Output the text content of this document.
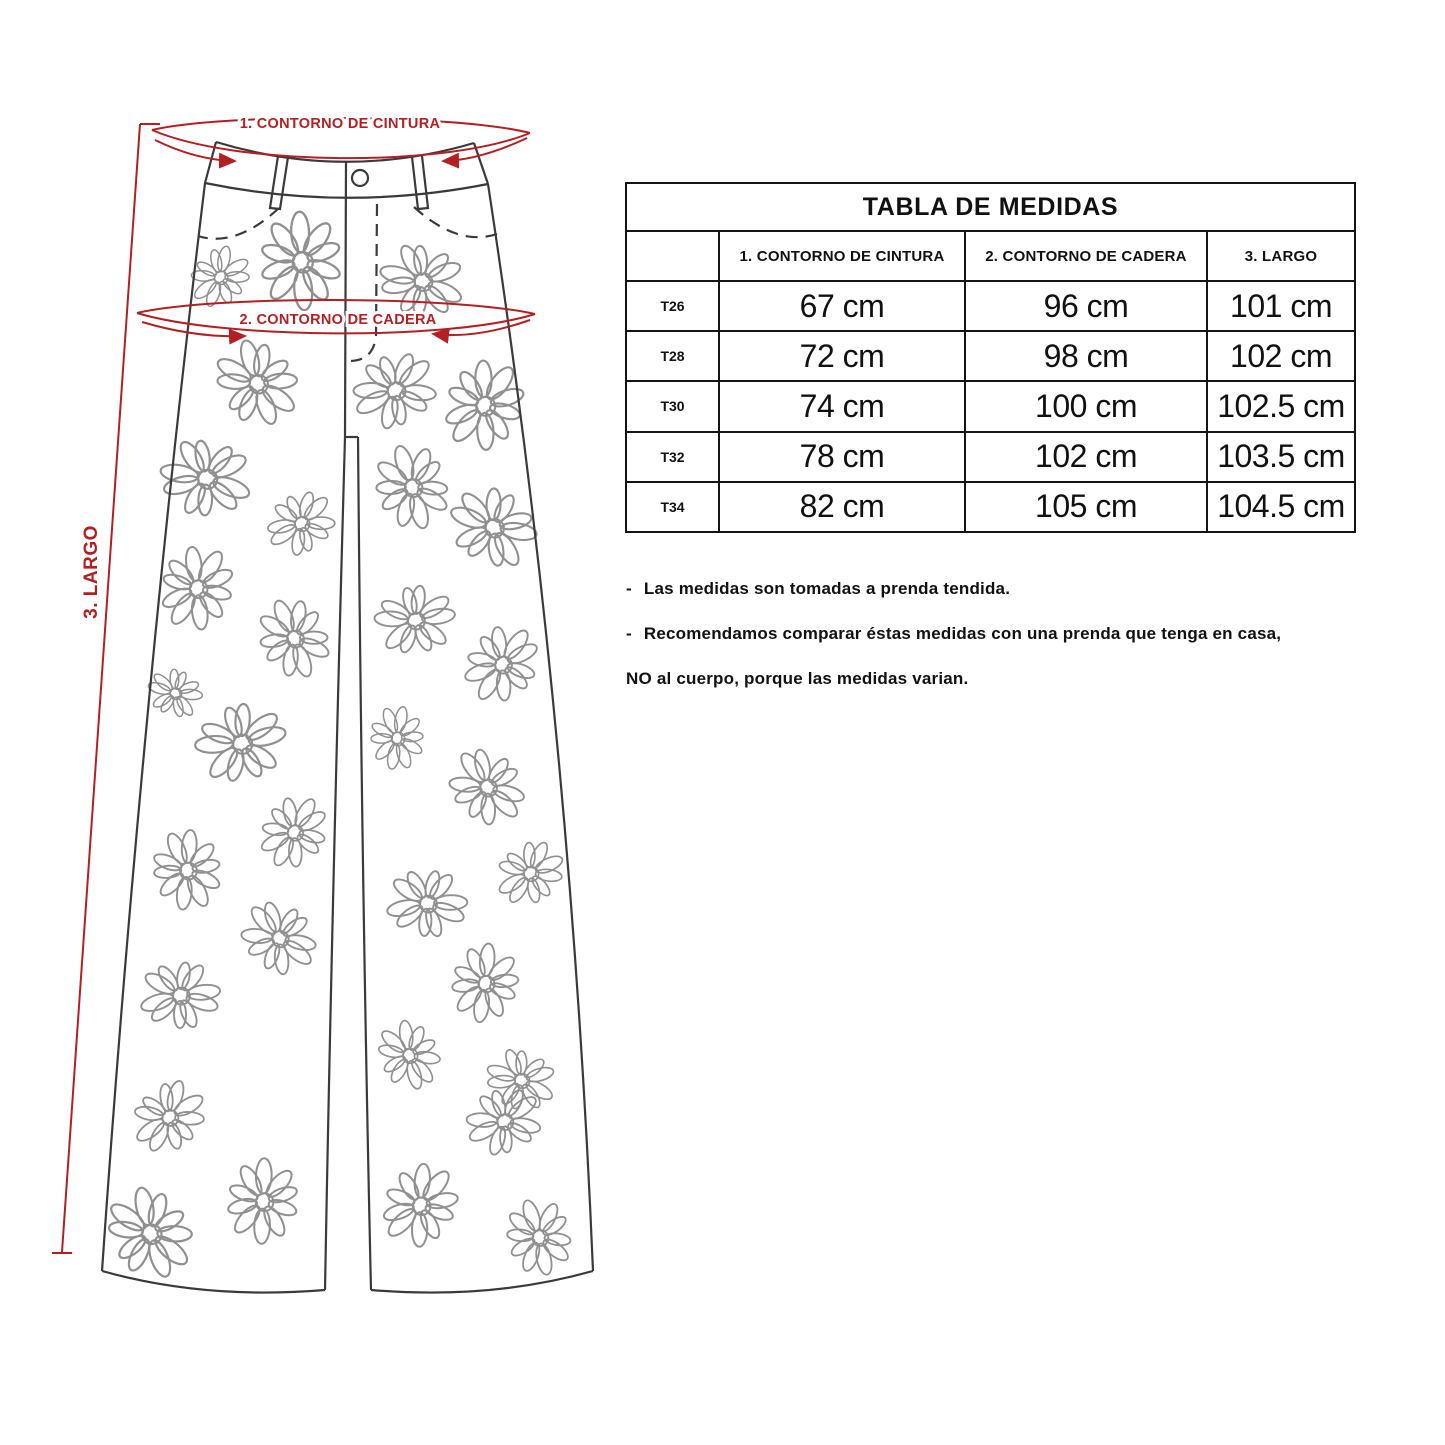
1. CONTORNO DE CINTURA
2. CONTORNO DE CADERA
3. LARGO
TABLA DE MEDIDAS
1. CONTORNO DE CINTURA	2. CONTORNO DE CADERA	3. LARGO
T26	67 cm	96 cm	101 cm
T28	72 cm	98 cm	102 cm
T30	74 cm	100 cm	102.5 cm
T32	78 cm	102 cm	103.5 cm
T34	82 cm	105 cm	104.5 cm
- Las medidas son tomadas a prenda tendida.
- Recomendamos comparar éstas medidas con una prenda que tenga en casa,
NO al cuerpo, porque las medidas varian.
